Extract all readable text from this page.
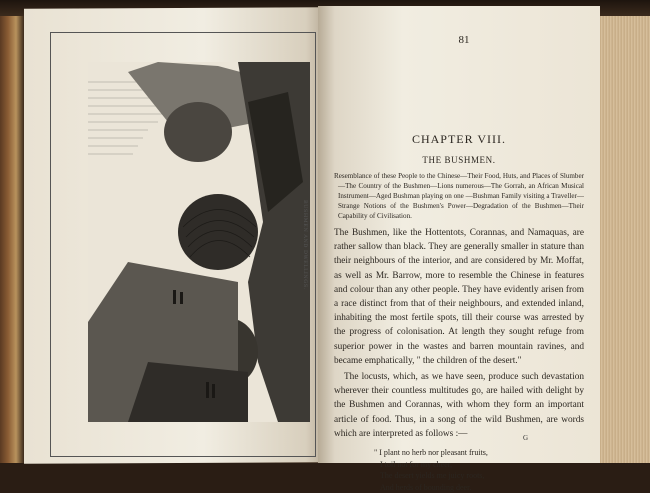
BUSHMEN AND DWELLINGS.
81
CHAPTER VIII.
THE BUSHMEN.
Resemblance of these People to the Chinese—Their Food, Huts, and Places of Slumber—The Country of the Bushmen—Lions numerous—The Gorrah, an African Musical Instrument—Aged Bushman playing on one —Bushman Family visiting a Traveller—Strange Notions of the Bushmen's Power—Degradation of the Bushmen—Their Capability of Civilisation.
The Bushmen, like the Hottentots, Corannas, and Namaquas, are rather sallow than black. They are generally smaller in stature than their neighbours of the interior, and are considered by Mr. Moffat, as well as Mr. Barrow, more to resemble the Chinese in features and colour than any other people. They have evidently arisen from a race distinct from that of their neighbours, and extended inland, inhabiting the most fertile spots, till their course was arrested by the progress of colonisation. At length they sought refuge from superior power in the wastes and barren mountain ravines, and became emphatically, " the children of the desert."
The locusts, which, as we have seen, produce such devastation wherever their countless multitudes go, are hailed with delight by the Bushmen and Corannas, with whom they form an important article of food. Thus, in a song of the wild Bushmen, are words which are interpreted as follows :—
" I plant no herb nor pleasant fruits,
I toil not for my cheer,
The desert yields me juicy roots,
And herds of bounding deer.
G
